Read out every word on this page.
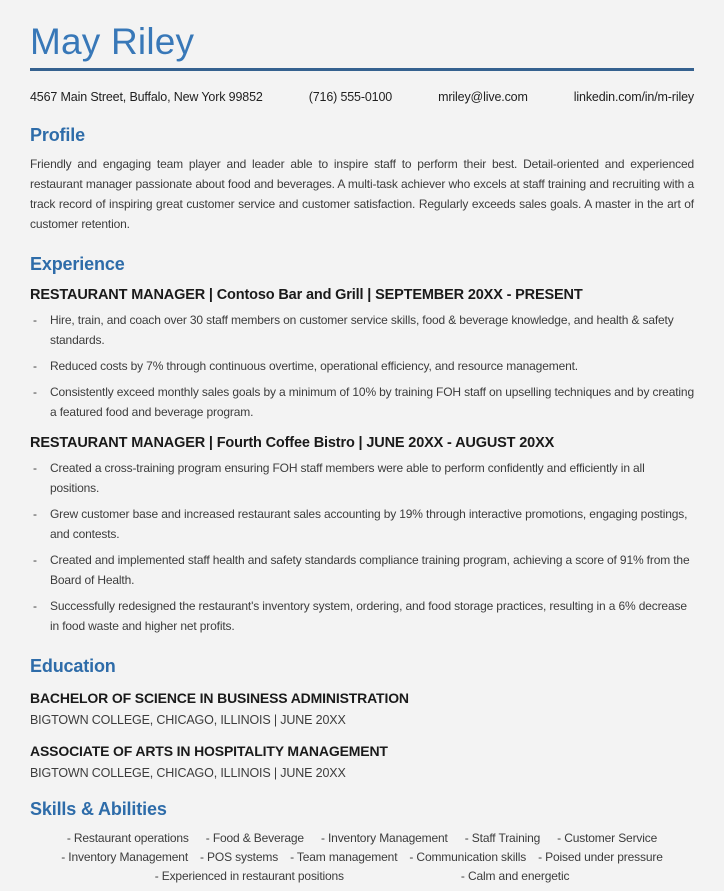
May Riley
4567 Main Street, Buffalo, New York 99852	(716) 555-0100	mriley@live.com	linkedin.com/in/m-riley
Profile

Friendly and engaging team player and leader able to inspire staff to perform their best. Detail-oriented and experienced restaurant manager passionate about food and beverages. A multi-task achiever who excels at staff training and recruiting with a track record of inspiring great customer service and customer satisfaction. Regularly exceeds sales goals. A master in the art of customer retention.

Experience
RESTAURANT MANAGER | Contoso Bar and Grill | SEPTEMBER 20XX - PRESENT
- Hire, train, and coach over 30 staff members on customer service skills, food & beverage knowledge, and health & safety standards.
- Reduced costs by 7% through continuous overtime, operational efficiency, and resource management.
- Consistently exceed monthly sales goals by a minimum of 10% by training FOH staff on upselling techniques and by creating a featured food and beverage program.
RESTAURANT MANAGER | Fourth Coffee Bistro | JUNE 20XX - AUGUST 20XX
- Created a cross-training program ensuring FOH staff members were able to perform confidently and efficiently in all positions.
- Grew customer base and increased restaurant sales accounting by 19% through interactive promotions, engaging postings, and contests.
- Created and implemented staff health and safety standards compliance training program, achieving a score of 91% from the Board of Health.
- Successfully redesigned the restaurant's inventory system, ordering, and food storage practices, resulting in a 6% decrease in food waste and higher net profits.
Education
BACHELOR OF SCIENCE IN BUSINESS ADMINISTRATION

BIGTOWN COLLEGE, CHICAGO, ILLINOIS | JUNE 20XX

ASSOCIATE OF ARTS IN HOSPITALITY MANAGEMENT

BIGTOWN COLLEGE, CHICAGO, ILLINOIS | JUNE 20XX

Skills & Abilities
- Restaurant operations	- Food & Beverage	- Inventory Management	- Staff Training	- Customer Service
- Inventory Management	- POS systems	- Team management	- Communication skills	- Poised under pressure
- Experienced in restaurant positions	- Calm and energetic
